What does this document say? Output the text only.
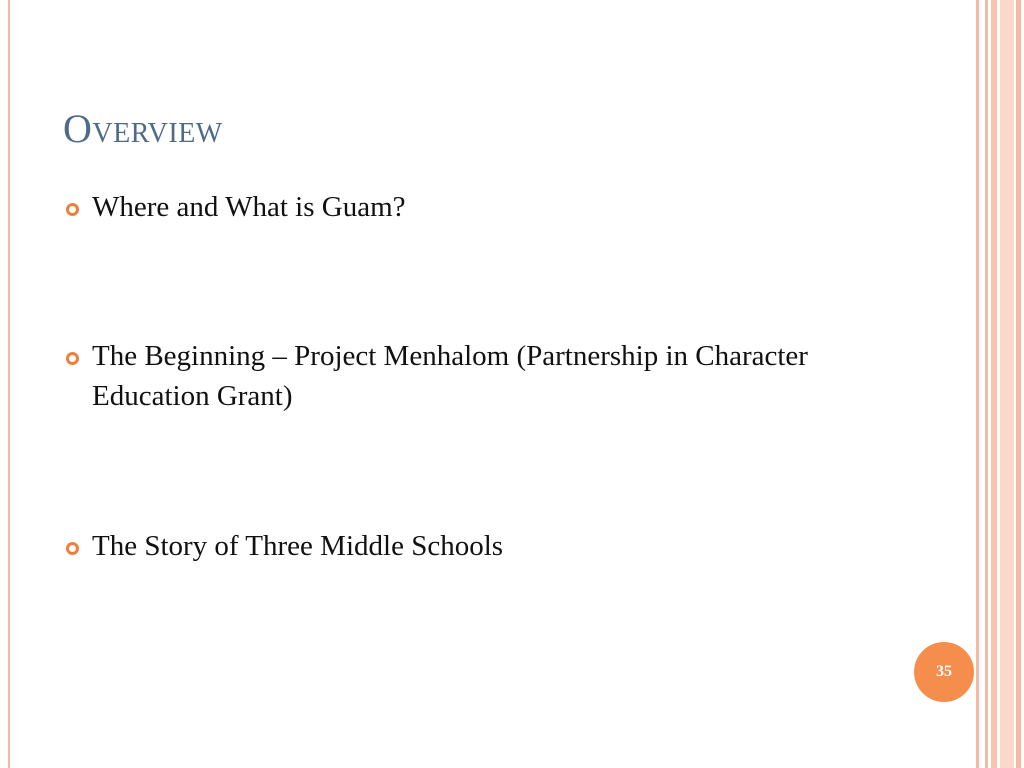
Overview
Where and What is Guam?
The Beginning – Project Menhalom (Partnership in Character Education Grant)
The Story of Three Middle Schools
35
